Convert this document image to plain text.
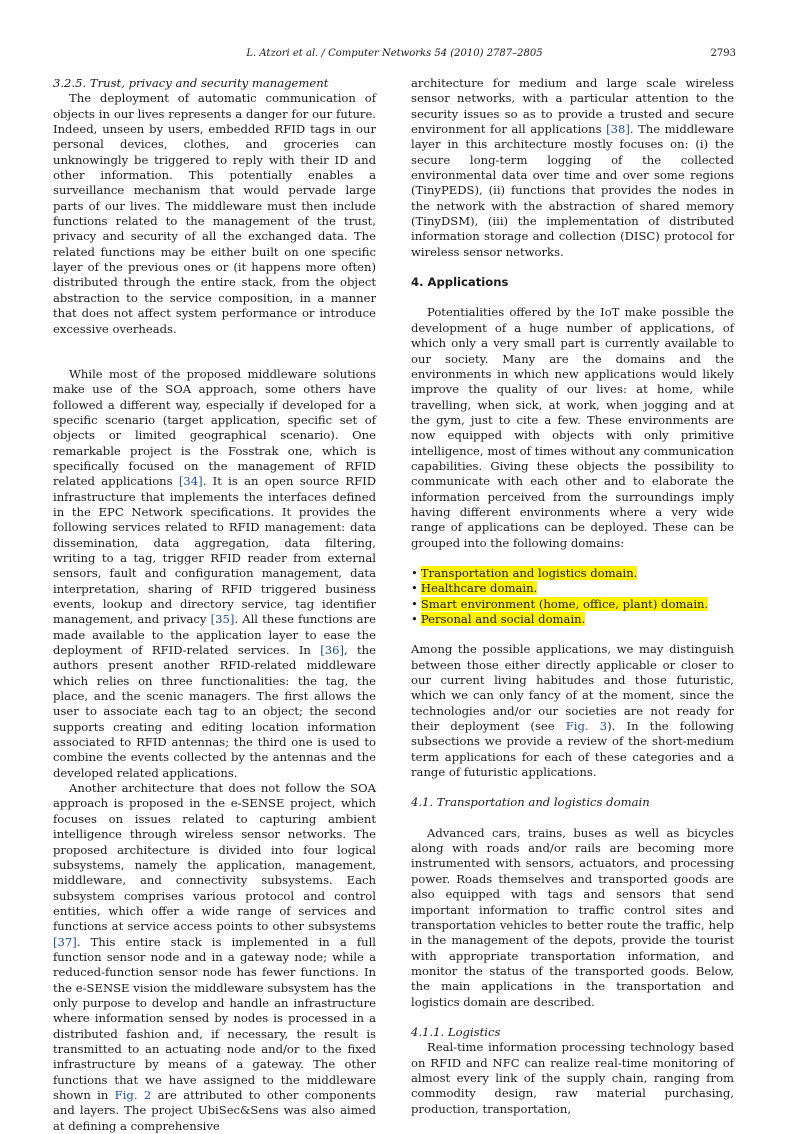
L. Atzori et al. / Computer Networks 54 (2010) 2787–2805	2793
3.2.5. Trust, privacy and security management

The deployment of automatic communication of objects in our lives represents a danger for our future. Indeed, unseen by users, embedded RFID tags in our personal devices, clothes, and groceries can unknowingly be triggered to reply with their ID and other information. This potentially enables a surveillance mechanism that would pervade large parts of our lives. The middleware must then include functions related to the management of the trust, privacy and security of all the exchanged data. The related functions may be either built on one specific layer of the previous ones or (it happens more often) distributed through the entire stack, from the object abstraction to the service composition, in a manner that does not affect system performance or introduce excessive overheads.

While most of the proposed middleware solutions make use of the SOA approach, some others have followed a different way, especially if developed for a specific scenario (target application, specific set of objects or limited geographical scenario). One remarkable project is the Fosstrak one, which is specifically focused on the management of RFID related applications [34]. It is an open source RFID infrastructure that implements the interfaces defined in the EPC Network specifications. It provides the following services related to RFID management: data dissemination, data aggregation, data filtering, writing to a tag, trigger RFID reader from external sensors, fault and configuration management, data interpretation, sharing of RFID triggered business events, lookup and directory service, tag identifier management, and privacy [35]. All these functions are made available to the application layer to ease the deployment of RFID-related services. In [36], the authors present another RFID-related middleware which relies on three functionalities: the tag, the place, and the scenic managers. The first allows the user to associate each tag to an object; the second supports creating and editing location information associated to RFID antennas; the third one is used to combine the events collected by the antennas and the developed related applications.

Another architecture that does not follow the SOA approach is proposed in the e-SENSE project, which focuses on issues related to capturing ambient intelligence through wireless sensor networks. The proposed architecture is divided into four logical subsystems, namely the application, management, middleware, and connectivity subsystems. Each subsystem comprises various protocol and control entities, which offer a wide range of services and functions at service access points to other subsystems [37]. This entire stack is implemented in a full function sensor node and in a gateway node; while a reduced-function sensor node has fewer functions. In the e-SENSE vision the middleware subsystem has the only purpose to develop and handle an infrastructure where information sensed by nodes is processed in a distributed fashion and, if necessary, the result is transmitted to an actuating node and/or to the fixed infrastructure by means of a gateway. The other functions that we have assigned to the middleware shown in Fig. 2 are attributed to other components and layers. The project UbiSec&Sens was also aimed at defining a comprehensive

architecture for medium and large scale wireless sensor networks, with a particular attention to the security issues so as to provide a trusted and secure environment for all applications [38]. The middleware layer in this architecture mostly focuses on: (i) the secure long-term logging of the collected environmental data over time and over some regions (TinyPEDS), (ii) functions that provides the nodes in the network with the abstraction of shared memory (TinyDSM), (iii) the implementation of distributed information storage and collection (DISC) protocol for wireless sensor networks.

4. Applications

Potentialities offered by the IoT make possible the development of a huge number of applications, of which only a very small part is currently available to our society. Many are the domains and the environments in which new applications would likely improve the quality of our lives: at home, while travelling, when sick, at work, when jogging and at the gym, just to cite a few. These environments are now equipped with objects with only primitive intelligence, most of times without any communication capabilities. Giving these objects the possibility to communicate with each other and to elaborate the information perceived from the surroundings imply having different environments where a very wide range of applications can be deployed. These can be grouped into the following domains:

• Transportation and logistics domain.
• Healthcare domain.
• Smart environment (home, office, plant) domain.
• Personal and social domain.

Among the possible applications, we may distinguish between those either directly applicable or closer to our current living habitudes and those futuristic, which we can only fancy of at the moment, since the technologies and/or our societies are not ready for their deployment (see Fig. 3). In the following subsections we provide a review of the short-medium term applications for each of these categories and a range of futuristic applications.

4.1. Transportation and logistics domain

Advanced cars, trains, buses as well as bicycles along with roads and/or rails are becoming more instrumented with sensors, actuators, and processing power. Roads themselves and transported goods are also equipped with tags and sensors that send important information to traffic control sites and transportation vehicles to better route the traffic, help in the management of the depots, provide the tourist with appropriate transportation information, and monitor the status of the transported goods. Below, the main applications in the transportation and logistics domain are described.

4.1.1. Logistics

Real-time information processing technology based on RFID and NFC can realize real-time monitoring of almost every link of the supply chain, ranging from commodity design, raw material purchasing, production, transportation,
